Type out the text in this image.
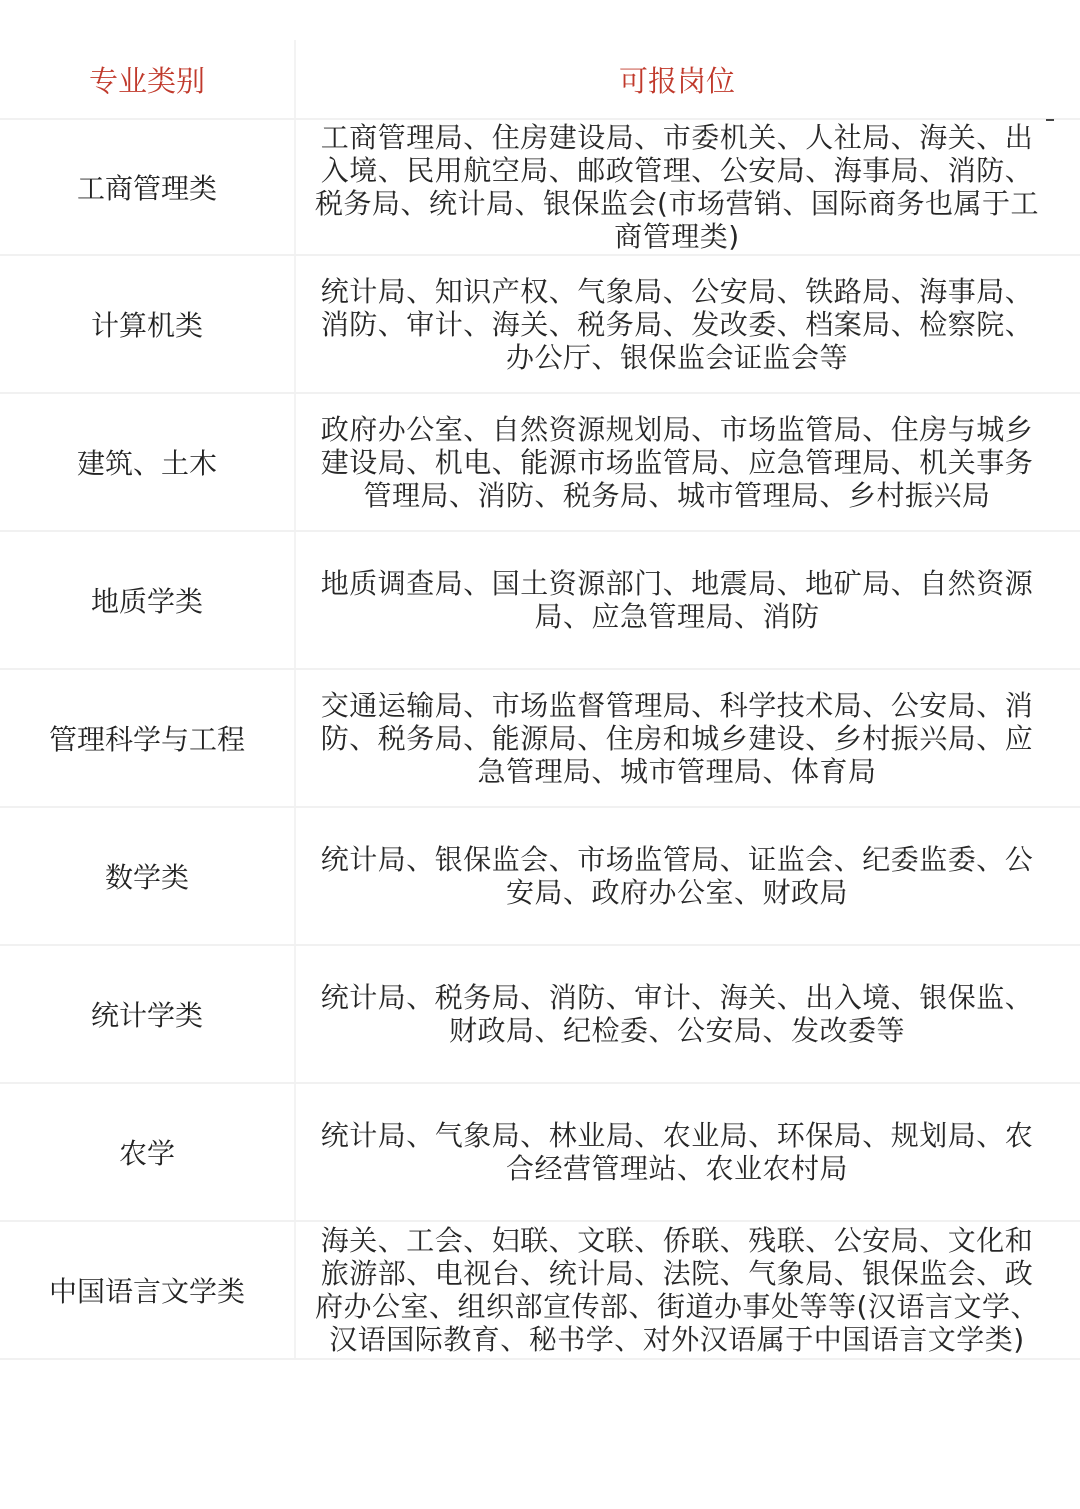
专业类别	可报岗位
工商管理类
工商管理局、住房建设局、市委机关、人社局、海关、出入境、民用航空局、邮政管理、公安局、海事局、消防、税务局、统计局、银保监会(市场营销、国际商务也属于工商管理类)
计算机类
统计局、知识产权、气象局、公安局、铁路局、海事局、消防、审计、海关、税务局、发改委、档案局、检察院、办公厅、银保监会证监会等
建筑、土木
政府办公室、自然资源规划局、市场监管局、住房与城乡建设局、机电、能源市场监管局、应急管理局、机关事务管理局、消防、税务局、城市管理局、乡村振兴局
地质学类
地质调查局、国土资源部门、地震局、地矿局、自然资源局、应急管理局、消防
管理科学与工程
交通运输局、市场监督管理局、科学技术局、公安局、消防、税务局、能源局、住房和城乡建设、乡村振兴局、应急管理局、城市管理局、体育局
数学类
统计局、银保监会、市场监管局、证监会、纪委监委、公安局、政府办公室、财政局
统计学类
统计局、税务局、消防、审计、海关、出入境、银保监、财政局、纪检委、公安局、发改委等
农学
统计局、气象局、林业局、农业局、环保局、规划局、农合经营管理站、农业农村局
中国语言文学类
海关、工会、妇联、文联、侨联、残联、公安局、文化和旅游部、电视台、统计局、法院、气象局、银保监会、政府办公室、组织部宣传部、街道办事处等等(汉语言文学、汉语国际教育、秘书学、对外汉语属于中国语言文学类)
